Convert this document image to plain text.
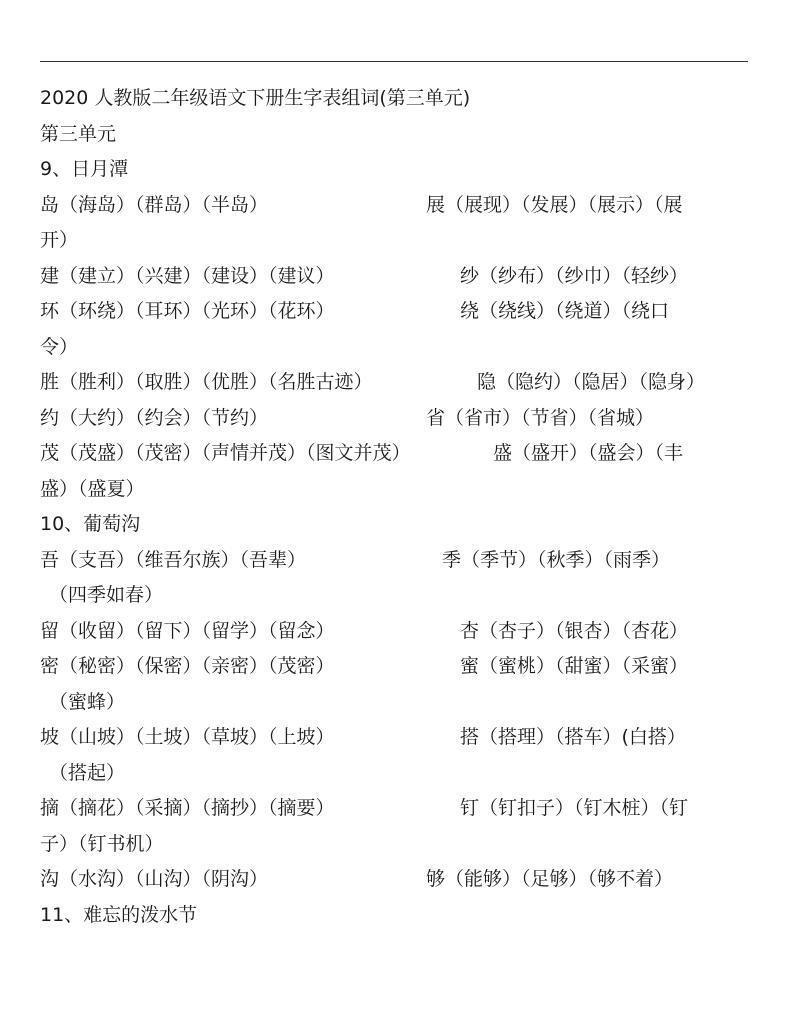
2020 人教版二年级语文下册生字表组词(第三单元)
第三单元
9、日月潭
岛（海岛）（群岛）（半岛）	展（展现）（发展）（展示）（展
开）
建（建立）（兴建）（建设）（建议）	纱（纱布）（纱巾）（轻纱）
环（环绕）（耳环）（光环）（花环）	绕（绕线）（绕道）（绕口
令）
胜（胜利）（取胜）（优胜）（名胜古迹）	隐（隐约）（隐居）（隐身）
约（大约）（约会）（节约）	省（省市）（节省）（省城）
茂（茂盛）（茂密）（声情并茂）（图文并茂）	盛（盛开）（盛会）（丰
盛）（盛夏）
10、葡萄沟
吾（支吾）（维吾尔族）（吾辈）	季（季节）（秋季）（雨季）
（四季如春）
留（收留）（留下）（留学）（留念）	杏（杏子）（银杏）（杏花）
密（秘密）（保密）（亲密）（茂密）	蜜（蜜桃）（甜蜜）（采蜜）
（蜜蜂）
坡（山坡）（土坡）（草坡）（上坡）	搭（搭理）（搭车）(白搭）
（搭起）
摘（摘花）（采摘）（摘抄）（摘要）	钉（钉扣子）（钉木桩）（钉
子）（钉书机）
沟（水沟）（山沟）（阴沟）	够（能够）（足够）（够不着）
11、难忘的泼水节
